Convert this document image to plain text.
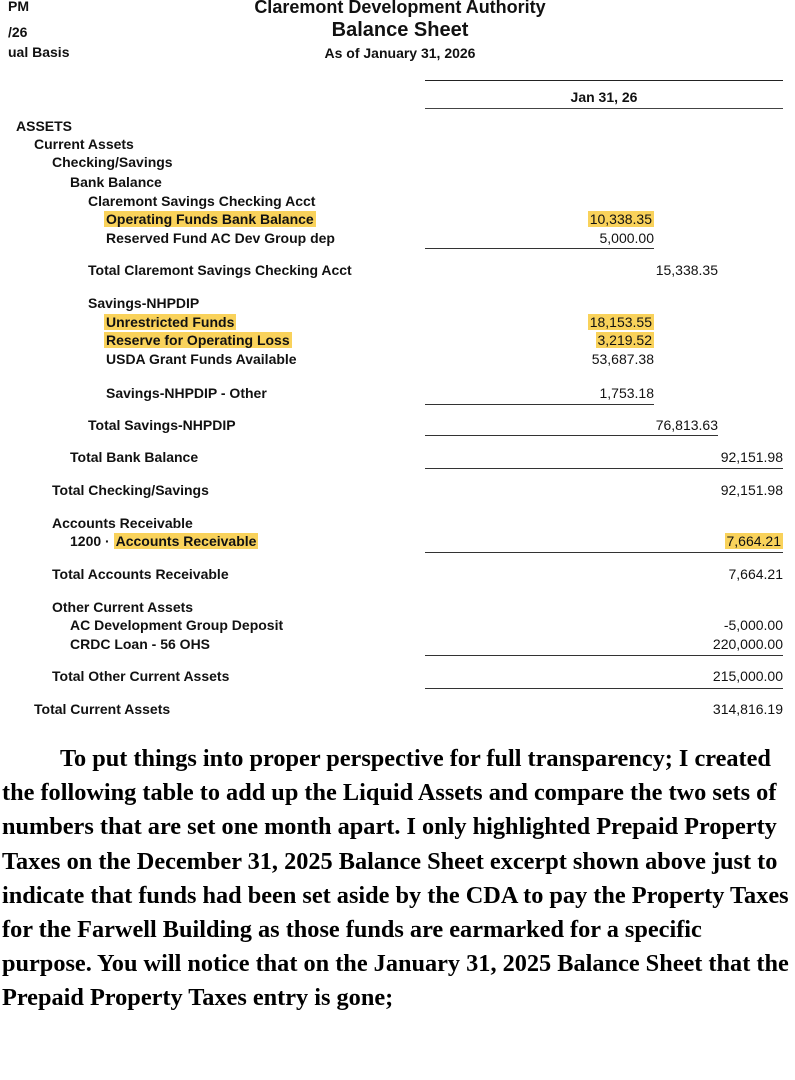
PM
/26
ual Basis
Claremont Development Authority
Balance Sheet
As of January 31, 2026
Jan 31, 26
ASSETS
Current Assets
Checking/Savings
Bank Balance
Claremont Savings Checking Acct
Operating Funds Bank Balance	10,338.35
Reserved Fund AC Dev Group dep	5,000.00
Total Claremont Savings Checking Acct	15,338.35
Savings-NHPDIP
Unrestricted Funds	18,153.55
Reserve for Operating Loss	3,219.52
USDA Grant Funds Available	53,687.38
Savings-NHPDIP - Other	1,753.18
Total Savings-NHPDIP	76,813.63
Total Bank Balance	92,151.98
Total Checking/Savings	92,151.98
Accounts Receivable
1200 · Accounts Receivable	7,664.21
Total Accounts Receivable	7,664.21
Other Current Assets
AC Development Group Deposit	-5,000.00
CRDC Loan - 56 OHS	220,000.00
Total Other Current Assets	215,000.00
Total Current Assets	314,816.19

To put things into proper perspective for full transparency; I created the following table to add up the Liquid Assets and compare the two sets of numbers that are set one month apart. I only highlighted Prepaid Property Taxes on the December 31, 2025 Balance Sheet excerpt shown above just to indicate that funds had been set aside by the CDA to pay the Property Taxes for the Farwell Building as those funds are earmarked for a specific purpose. You will notice that on the January 31, 2025 Balance Sheet that the Prepaid Property Taxes entry is gone;
